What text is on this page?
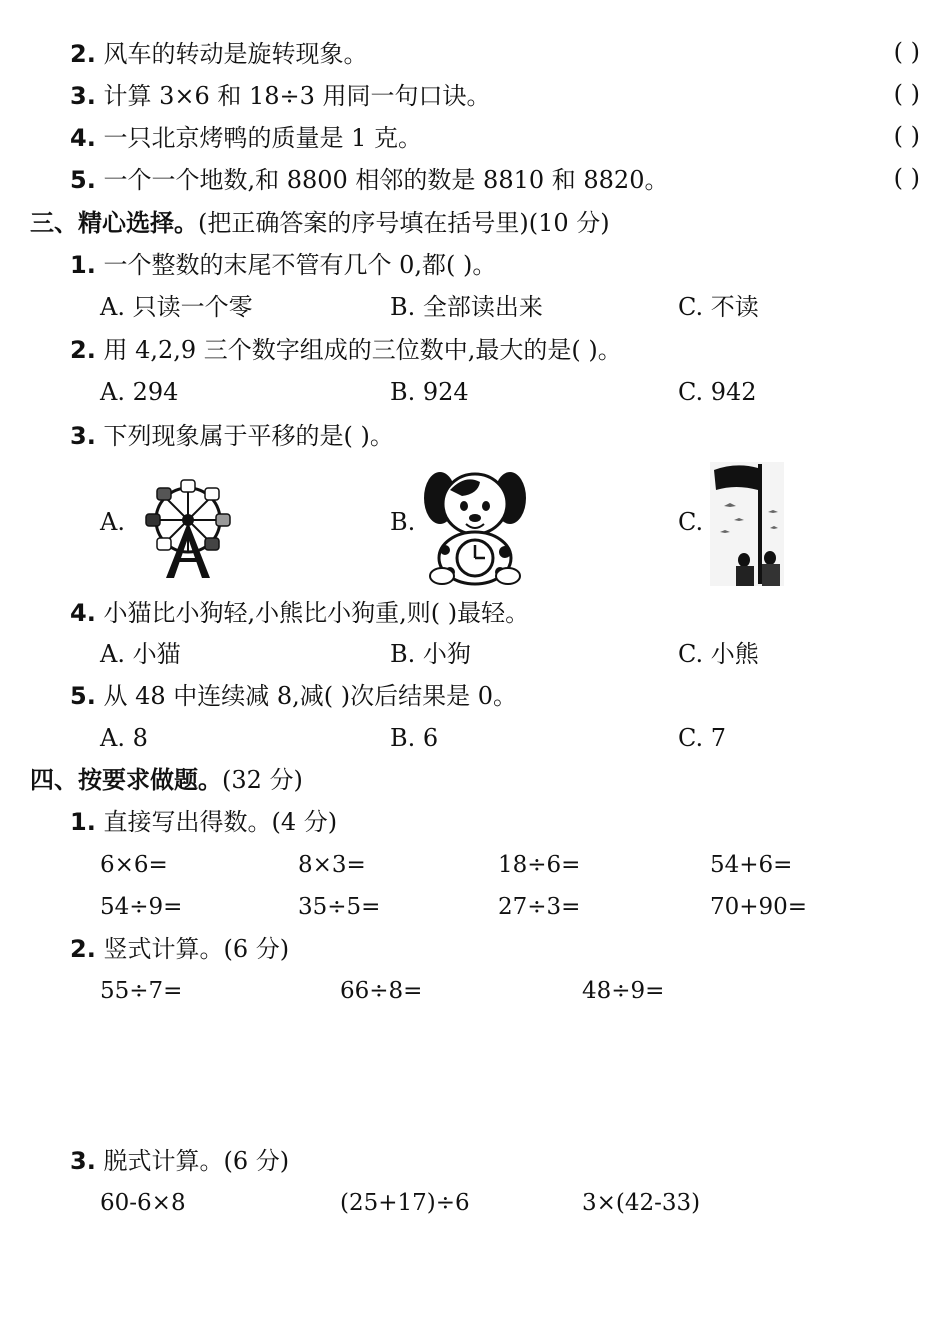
2. 风车的转动是旋转现象。	( )
3. 计算 3×6 和 18÷3 用同一句口诀。	( )
4. 一只北京烤鸭的质量是 1 克。	( )
5. 一个一个地数,和 8800 相邻的数是 8810 和 8820。	( )
三、精心选择。(把正确答案的序号填在括号里)(10 分)
1. 一个整数的末尾不管有几个 0,都( )。
A. 只读一个零	B. 全部读出来	C. 不读
2. 用 4,2,9 三个数字组成的三位数中,最大的是( )。
A. 294	B. 924	C. 942
3. 下列现象属于平移的是( )。
A.	B.	C.
4. 小猫比小狗轻,小熊比小狗重,则( )最轻。
A. 小猫	B. 小狗	C. 小熊
5. 从 48 中连续减 8,减( )次后结果是 0。
A. 8	B. 6	C. 7
四、按要求做题。(32 分)
1. 直接写出得数。(4 分)
6×6=	8×3=	18÷6=	54+6=
54÷9=	35÷5=	27÷3=	70+90=
2. 竖式计算。(6 分)
55÷7=	66÷8=	48÷9=
3. 脱式计算。(6 分)
60-6×8	(25+17)÷6	3×(42-33)
